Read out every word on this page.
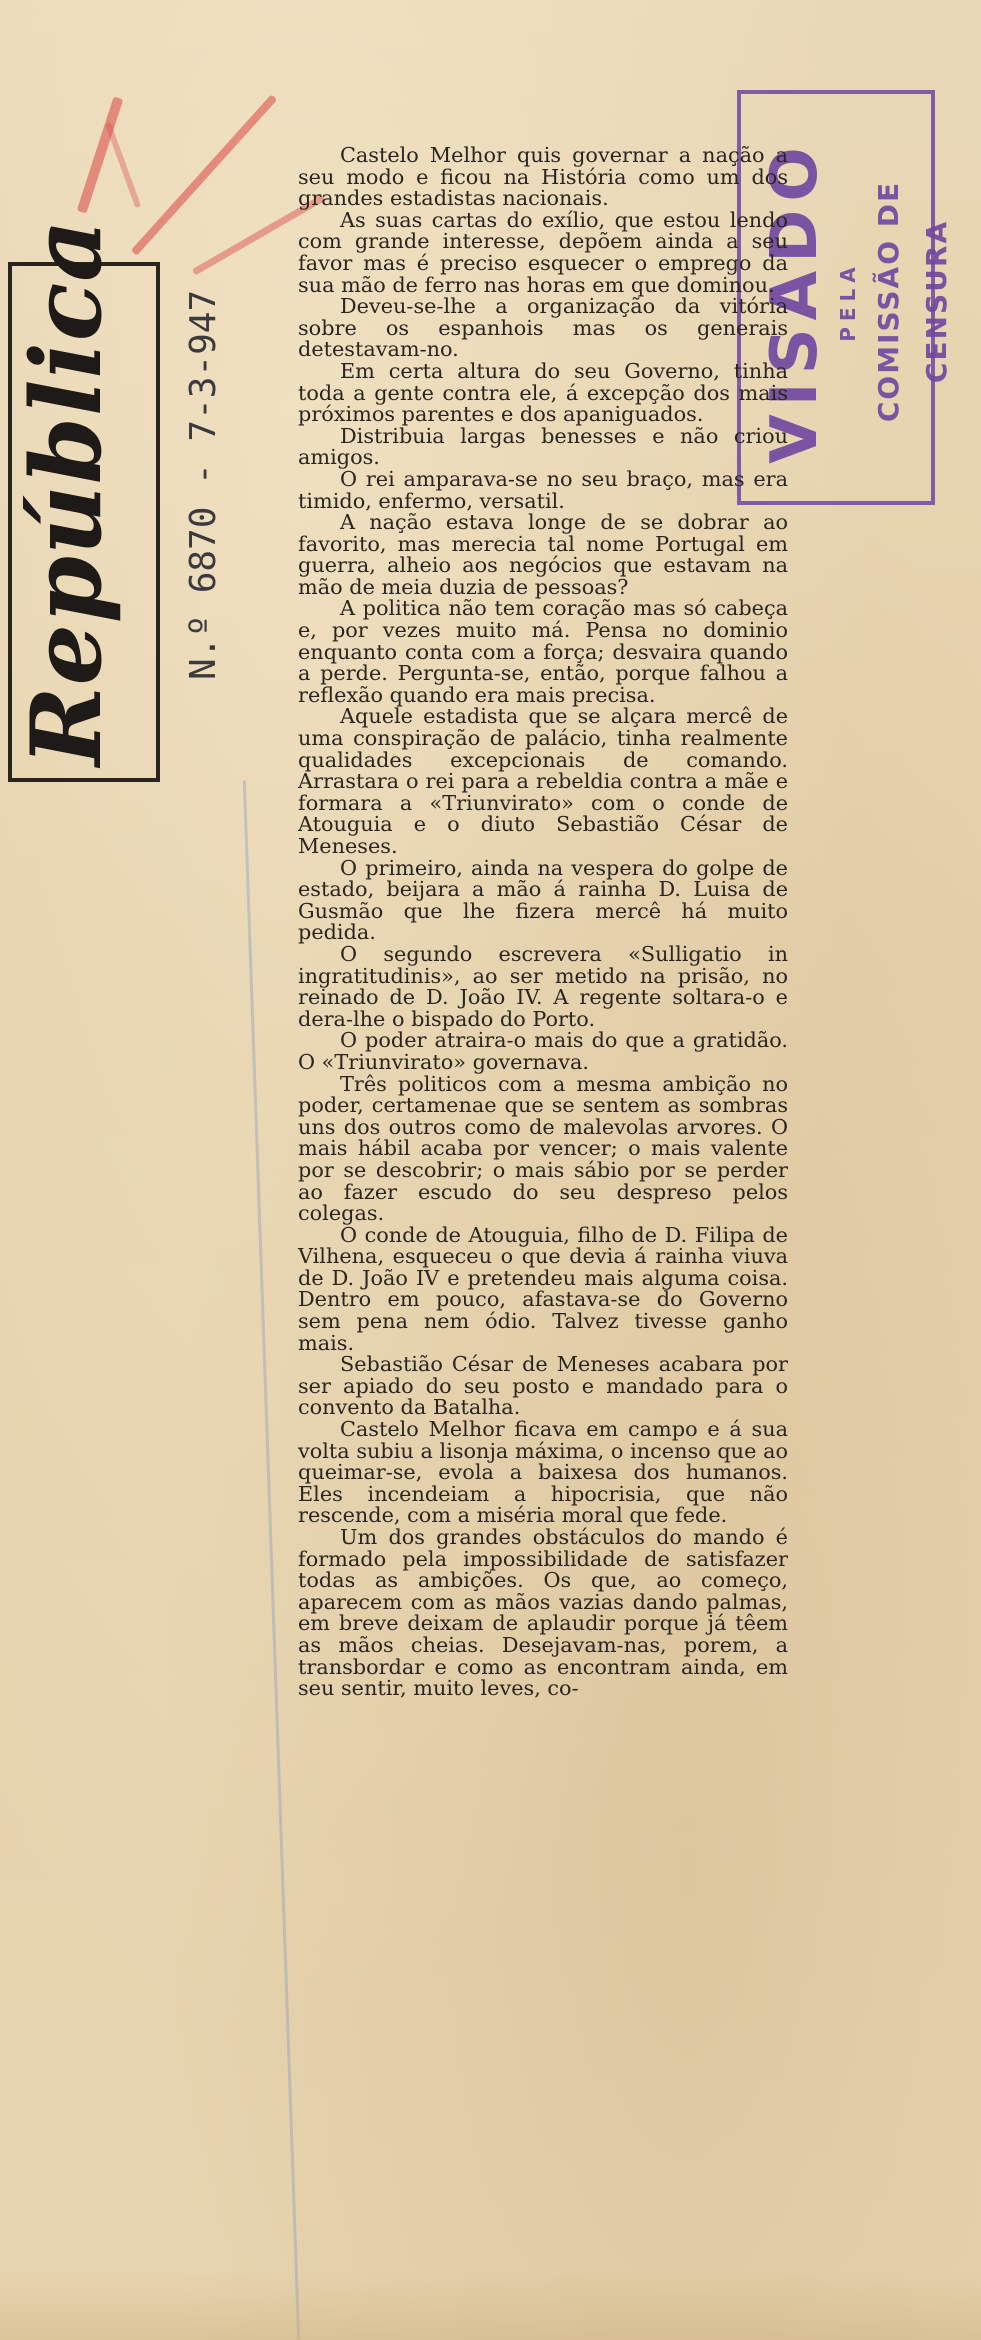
República N.º 6870 - 7-3-947	VISADO PELA COMISSÃO DE CENSURA

Castelo Melhor quis governar a nação a seu modo e ficou na História como um dos grandes estadistas nacionais.

As suas cartas do exílio, que estou lendo com grande interesse, depõem ainda a seu favor mas é preciso esquecer o emprego da sua mão de ferro nas horas em que dominou.

Deveu-se-lhe a organização da vitória sobre os espanhois mas os generais detestavam-no.

Em certa altura do seu Governo, tinha toda a gente contra ele, á excepção dos mais próximos parentes e dos apaniguados.

Distribuia largas benesses e não criou amigos.

O rei amparava-se no seu braço, mas era timido, enfermo, versatil.

A nação estava longe de se dobrar ao favorito, mas merecia tal nome Portugal em guerra, alheio aos negócios que estavam na mão de meia duzia de pessoas?

A politica não tem coração mas só cabeça e, por vezes muito má. Pensa no dominio enquanto conta com a força; desvaira quando a perde. Pergunta-se, então, porque falhou a reflexão quando era mais precisa.

Aquele estadista que se alçara mercê de uma conspiração de palácio, tinha realmente qualidades excepcionais de comando. Arrastara o rei para a rebeldia contra a mãe e formara a «Triunvirato» com o conde de Atouguia e o diuto Sebastião César de Meneses.

O primeiro, ainda na vespera do golpe de estado, beijara a mão á rainha D. Luisa de Gusmão que lhe fizera mercê há muito pedida.

O segundo escrevera «Sulligatio in ingratitudinis», ao ser metido na prisão, no reinado de D. João IV. A regente soltara-o e dera-lhe o bispado do Porto.

O poder atraira-o mais do que a gratidão. O «Triunvirato» governava.

Três politicos com a mesma ambição no poder, certamenae que se sentem as sombras uns dos outros como de malevolas arvores. O mais hábil acaba por vencer; o mais valente por se descobrir; o mais sábio por se perder ao fazer escudo do seu despreso pelos colegas.

O conde de Atouguia, filho de D. Filipa de Vilhena, esqueceu o que devia á rainha viuva de D. João IV e pretendeu mais alguma coisa. Dentro em pouco, afastava-se do Governo sem pena nem ódio. Talvez tivesse ganho mais.

Sebastião César de Meneses acabara por ser apiado do seu posto e mandado para o convento da Batalha.

Castelo Melhor ficava em campo e á sua volta subiu a lisonja máxima, o incenso que ao queimar-se, evola a baixesa dos humanos. Eles incendeiam a hipocrisia, que não rescende, com a miséria moral que fede.

Um dos grandes obstáculos do mando é formado pela impossibilidade de satisfazer todas as ambições. Os que, ao começo, aparecem com as mãos vazias dando palmas, em breve deixam de aplaudir porque já têem as mãos cheias. Desejavam-nas, porem, a transbordar e como as encontram ainda, em seu sentir, muito leves, co-
